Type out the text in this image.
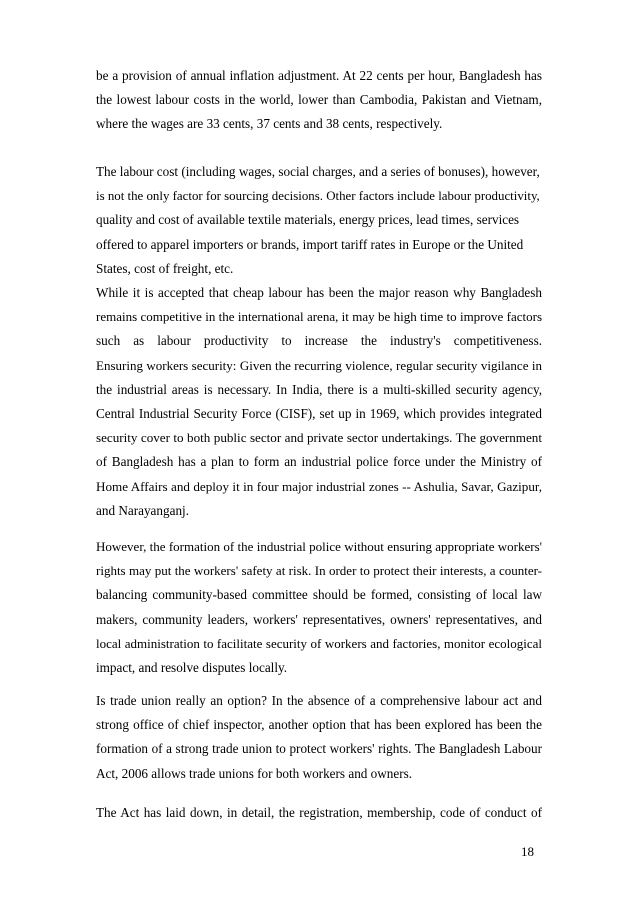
be a provision of annual inflation adjustment. At 22 cents per hour, Bangladesh has
the lowest labour costs in the world, lower than Cambodia, Pakistan and Vietnam,
where the wages are 33 cents, 37 cents and 38 cents, respectively.
The labour cost (including wages, social charges, and a series of bonuses), however,
is not the only factor for sourcing decisions. Other factors include labour productivity,
quality and cost of available textile materials, energy prices, lead times, services
offered to apparel importers or brands, import tariff rates in Europe or the United
States, cost of freight, etc.
While it is accepted that cheap labour has been the major reason why Bangladesh
remains competitive in the international arena, it may be high time to improve factors
such as labour productivity to increase the industry's competitiveness.
Ensuring workers security: Given the recurring violence, regular security vigilance in
the industrial areas is necessary. In India, there is a multi-skilled security agency,
Central Industrial Security Force (CISF), set up in 1969, which provides integrated
security cover to both public sector and private sector undertakings. The government
of Bangladesh has a plan to form an industrial police force under the Ministry of
Home Affairs and deploy it in four major industrial zones -- Ashulia, Savar, Gazipur,
and Narayanganj.
However, the formation of the industrial police without ensuring appropriate workers'
rights may put the workers' safety at risk. In order to protect their interests, a counter-
balancing community-based committee should be formed, consisting of local law
makers, community leaders, workers' representatives, owners' representatives, and
local administration to facilitate security of workers and factories, monitor ecological
impact, and resolve disputes locally.
Is trade union really an option? In the absence of a comprehensive labour act and
strong office of chief inspector, another option that has been explored has been the
formation of a strong trade union to protect workers' rights. The Bangladesh Labour
Act, 2006 allows trade unions for both workers and owners.
The Act has laid down, in detail, the registration, membership, code of conduct of
18
